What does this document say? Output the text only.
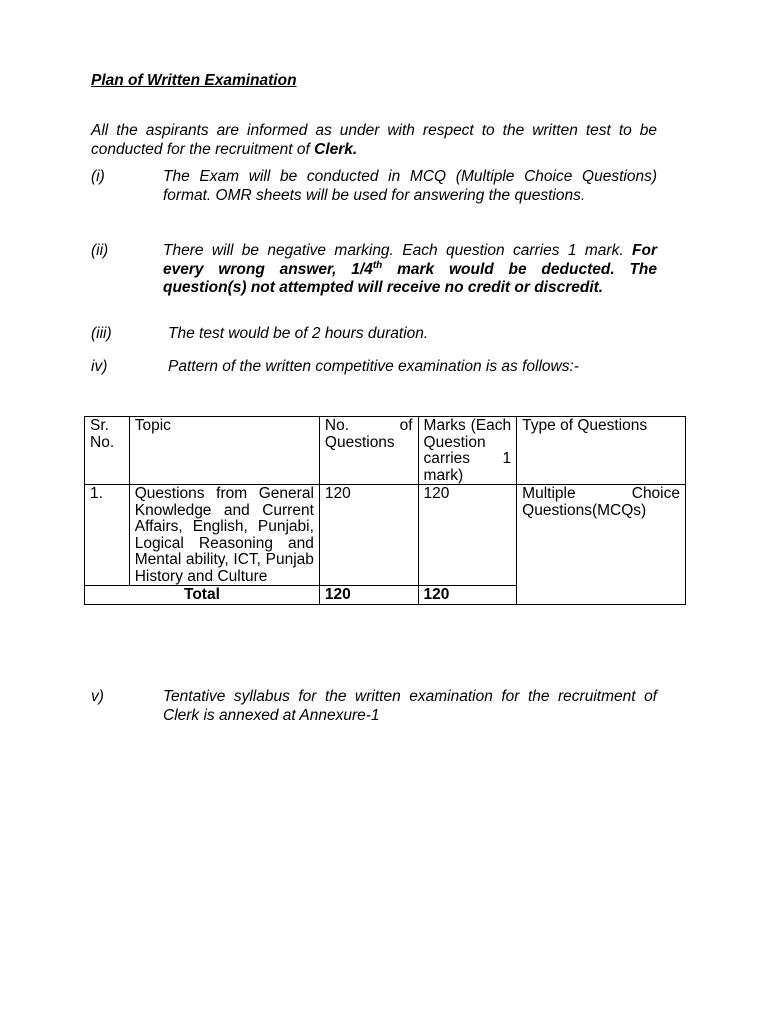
Plan of Written Examination

All the aspirants are informed as under with respect to the written test to be conducted for the recruitment of Clerk.

(i)	The Exam will be conducted in MCQ (Multiple Choice Questions) format. OMR sheets will be used for answering the questions.
(ii)	There will be negative marking. Each question carries 1 mark. For every wrong answer, 1/4th mark would be deducted. The question(s) not attempted will receive no credit or discredit.
(iii)	The test would be of 2 hours duration.
iv)	Pattern of the written competitive examination is as follows:-
Sr. No.	Topic	No. of Questions	Marks (Each Question carries 1 mark)	Type of Questions
1.	Questions from General Knowledge and Current Affairs, English, Punjabi, Logical Reasoning and Mental ability, ICT, Punjab History and Culture	120	120	Multiple Choice Questions(MCQs)
Total		120	120	
v)	Tentative syllabus for the written examination for the recruitment of Clerk is annexed at Annexure-1
